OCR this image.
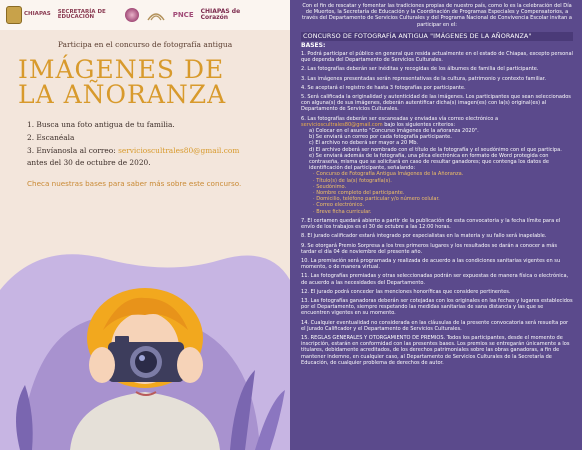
CHIAPAS SECRETARÍA DE EDUCACIÓN	PNCE CHIAPAS de Corazón
Participa en el concurso de fotografía antigua
IMÁGENES DE
LA AÑORANZA
1. Busca una foto antigua de tu familia.
2. Escanéala
3. Envíanosla al correo: servicioscultrales80@gmail.com
antes del 30 de octubre de 2020.
Checa nuestras bases para saber más sobre este concurso.
Con el fin de rescatar y fomentar las tradiciones propias de nuestro país, como lo es la celebración del Día de Muertos, la Secretaría de Educación y la Coordinación de Programas Especiales y Compensatorios, a través del Departamento de Servicios Culturales y del Programa Nacional de Convivencia Escolar invitan a participar en el:
CONCURSO DE FOTOGRAFÍA ANTIGUA "IMÁGENES DE LA AÑORANZA"
BASES:
1. Podrá participar el público en general que resida actualmente en el estado de Chiapas, excepto personal que dependa del Departamento de Servicios Culturales.
2. Las fotografías deberán ser inéditas y recogidas de los álbumes de familia del participante.
3. Las imágenes presentadas serán representativas de la cultura, patrimonio y contexto familiar.
4. Se aceptará el registro de hasta 3 fotografías por participante.
5. Será calificada la originalidad y autenticidad de las imágenes. Los participantes que sean seleccionados con alguna(s) de sus imágenes, deberán autentificar dicha(s) imagen(es) con la(s) original(es) al Departamento de Servicios Culturales.
6. Las fotografías deberán ser escaneadas y enviadas vía correo electrónico a servicioscultrales80@gmail.com bajo los siguientes criterios:
a) Colocar en el asunto "Concurso imágenes de la añoranza 2020".
b) Se enviará un correo por cada fotografía participante.
c) El archivo no deberá ser mayor a 20 Mb.
d) El archivo deberá ser nombrado con el título de la fotografía y el seudónimo con el que participa.
e) Se enviará además de la fotografía, una plica electrónica en formato de Word protegida con contraseña, misma que se solicitará en caso de resultar ganadores; que contenga los datos de identificación del participante, señalando:
· Concurso de Fotografía Antigua Imágenes de la Añoranza.
· Título(s) de la(s) fotografía(s).
· Seudónimo.
· Nombre completo del participante.
· Domicilio, teléfono particular y/o número celular.
· Correo electrónico.
· Breve ficha curricular.
7. El certamen quedará abierto a partir de la publicación de esta convocatoria y la fecha límite para el envío de los trabajos es el 30 de octubre a las 12:00 horas.
8. El jurado calificador estará integrado por especialistas en la materia y su fallo será inapelable.
9. Se otorgará Premio Sorpresa a los tres primeros lugares y los resultados se darán a conocer a más tardar el día 04 de noviembre del presente año.
10. La premiación será programada y realizada de acuerdo a las condiciones sanitarias vigentes en su momento, o de manera virtual.
11. Las fotografías premiadas y otras seleccionadas podrán ser expuestas de manera física o electrónica, de acuerdo a las necesidades del Departamento.
12. El jurado podrá conceder las menciones honoríficas que considere pertinentes.
13. Las fotografías ganadoras deberán ser cotejadas con los originales en las fechas y lugares establecidos por el Departamento, siempre respetando las medidas sanitarias de sana distancia y las que se encuentren vigentes en su momento.
14. Cualquier eventualidad no considerada en las cláusulas de la presente convocatoria será resuelta por el Jurado Calificador y el Departamento de Servicios Culturales.
15. REGLAS GENERALES Y OTORGAMIENTO DE PREMIOS. Todos los participantes, desde el momento de inscripción, estarán en conformidad con las presentes bases. Los premios se entregarán únicamente a los titulares, debidamente acreditados, de los derechos patrimoniales sobre las obras ganadoras, a fin de mantener indemne, en cualquier caso, al Departamento de Servicios Culturales de la Secretaría de Educación, de cualquier problema de derechos de autor.
